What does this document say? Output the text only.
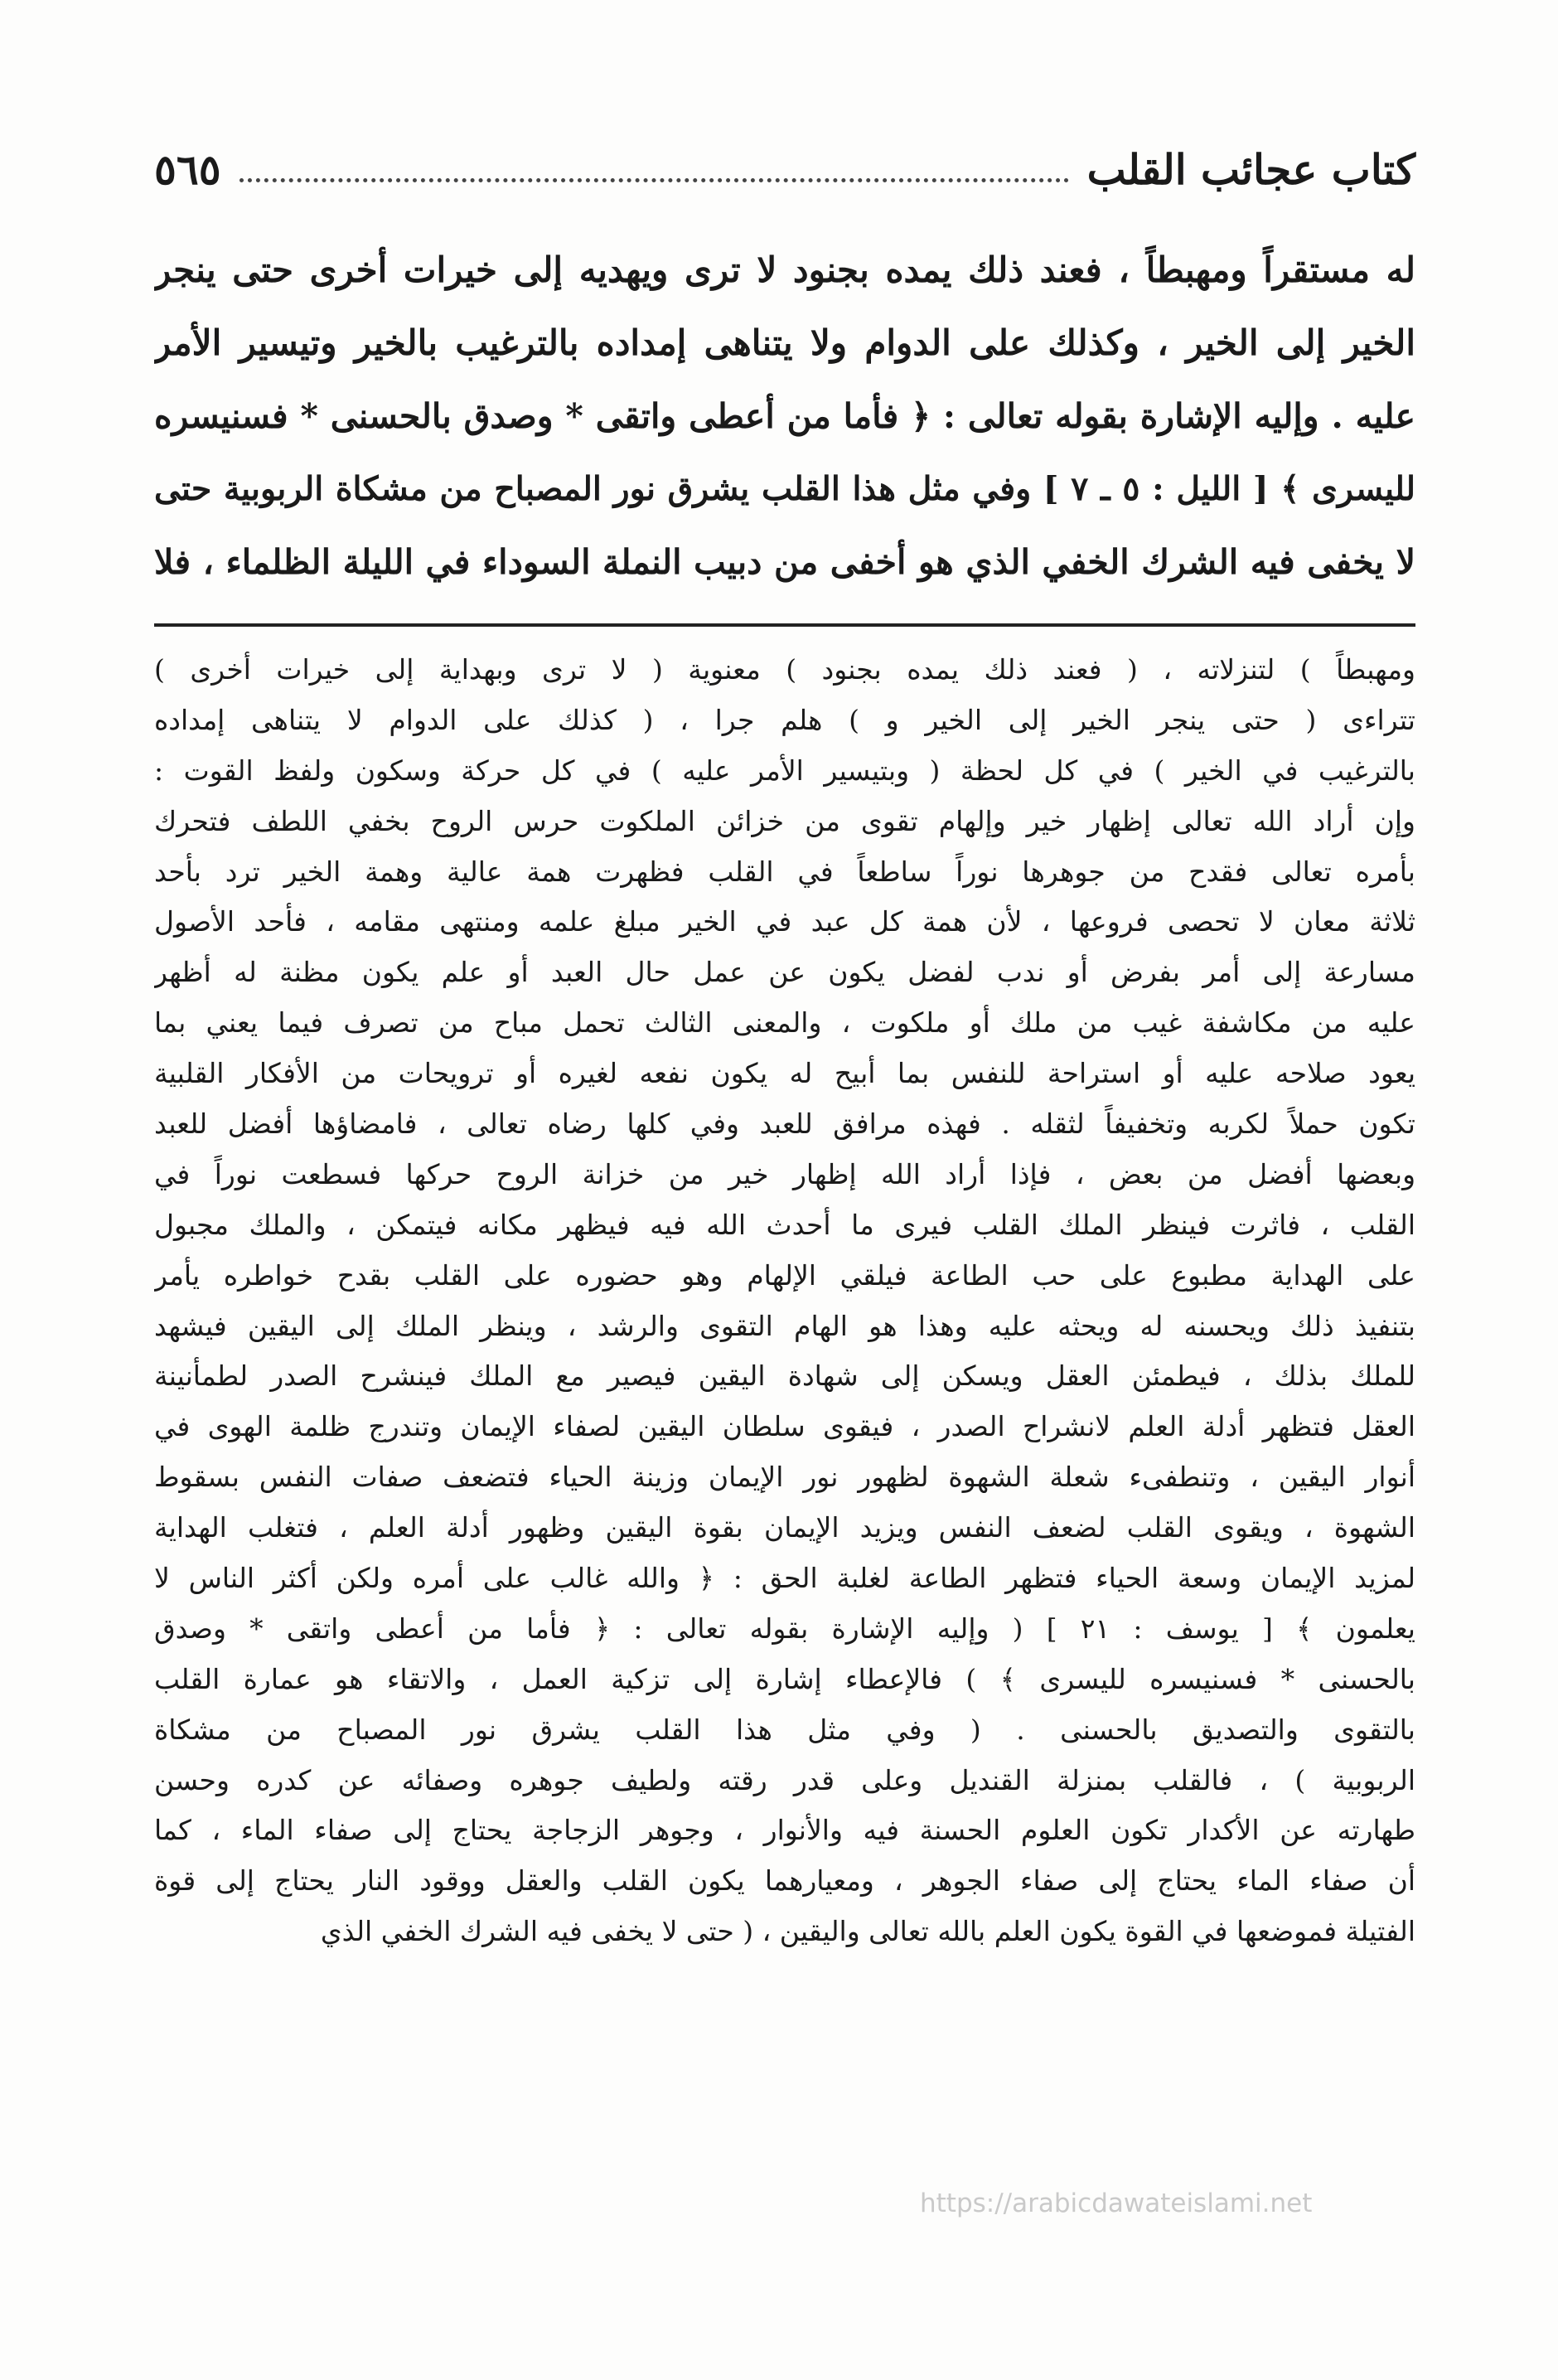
كتاب عجائب القلب
٥٦٥
له مستقراً ومهبطاً ، فعند ذلك يمده بجنود لا ترى ويهديه إلى خيرات أخرى حتى ينجر
الخير إلى الخير ، وكذلك على الدوام ولا يتناهى إمداده بالترغيب بالخير وتيسير الأمر
عليه . وإليه الإشارة بقوله تعالى : ﴿ فأما من أعطى واتقى * وصدق بالحسنى * فسنيسره
لليسرى ﴾ [ الليل : ٥ ـ ٧ ] وفي مثل هذا القلب يشرق نور المصباح من مشكاة الربوبية حتى
لا يخفى فيه الشرك الخفي الذي هو أخفى من دبيب النملة السوداء في الليلة الظلماء ، فلا
ومهبطاً ) لتنزلاته ، ( فعند ذلك يمده بجنود ) معنوية ( لا ترى وبهداية إلى خيرات أخرى )
تتراءى ( حتى ينجر الخير إلى الخير و ) هلم جرا ، ( كذلك على الدوام لا يتناهى إمداده
بالترغيب في الخير ) في كل لحظة ( وبتيسير الأمر عليه ) في كل حركة وسكون ولفظ القوت :
وإن أراد الله تعالى إظهار خير وإلهام تقوى من خزائن الملكوت حرس الروح بخفي اللطف فتحرك
بأمره تعالى فقدح من جوهرها نوراً ساطعاً في القلب فظهرت همة عالية وهمة الخير ترد بأحد
ثلاثة معان لا تحصى فروعها ، لأن همة كل عبد في الخير مبلغ علمه ومنتهى مقامه ، فأحد الأصول
مسارعة إلى أمر بفرض أو ندب لفضل يكون عن عمل حال العبد أو علم يكون مظنة له أظهر
عليه من مكاشفة غيب من ملك أو ملكوت ، والمعنى الثالث تحمل مباح من تصرف فيما يعني بما
يعود صلاحه عليه أو استراحة للنفس بما أبيح له يكون نفعه لغيره أو ترويحات من الأفكار القلبية
تكون حملاً لكربه وتخفيفاً لثقله . فهذه مرافق للعبد وفي كلها رضاه تعالى ، فامضاؤها أفضل للعبد
وبعضها أفضل من بعض ، فإذا أراد الله إظهار خير من خزانة الروح حركها فسطعت نوراً في
القلب ، فاثرت فينظر الملك القلب فيرى ما أحدث الله فيه فيظهر مكانه فيتمكن ، والملك مجبول
على الهداية مطبوع على حب الطاعة فيلقي الإلهام وهو حضوره على القلب بقدح خواطره يأمر
بتنفيذ ذلك ويحسنه له ويحثه عليه وهذا هو الهام التقوى والرشد ، وينظر الملك إلى اليقين فيشهد
للملك بذلك ، فيطمئن العقل ويسكن إلى شهادة اليقين فيصير مع الملك فينشرح الصدر لطمأنينة
العقل فتظهر أدلة العلم لانشراح الصدر ، فيقوى سلطان اليقين لصفاء الإيمان وتندرج ظلمة الهوى في
أنوار اليقين ، وتنطفىء شعلة الشهوة لظهور نور الإيمان وزينة الحياء فتضعف صفات النفس بسقوط
الشهوة ، ويقوى القلب لضعف النفس ويزيد الإيمان بقوة اليقين وظهور أدلة العلم ، فتغلب الهداية
لمزيد الإيمان وسعة الحياء فتظهر الطاعة لغلبة الحق : ﴿ والله غالب على أمره ولكن أكثر الناس لا
يعلمون ﴾ [ يوسف : ٢١ ] ( وإليه الإشارة بقوله تعالى : ﴿ فأما من أعطى واتقى * وصدق
بالحسنى * فسنيسره لليسرى ﴾ ) فالإعطاء إشارة إلى تزكية العمل ، والاتقاء هو عمارة القلب
بالتقوى والتصديق بالحسنى . ( وفي مثل هذا القلب يشرق نور المصباح من مشكاة
الربوبية ) ، فالقلب بمنزلة القنديل وعلى قدر رقته ولطيف جوهره وصفائه عن كدره وحسن
طهارته عن الأكدار تكون العلوم الحسنة فيه والأنوار ، وجوهر الزجاجة يحتاج إلى صفاء الماء ، كما
أن صفاء الماء يحتاج إلى صفاء الجوهر ، ومعيارهما يكون القلب والعقل ووقود النار يحتاج إلى قوة
الفتيلة فموضعها في القوة يكون العلم بالله تعالى واليقين ، ( حتى لا يخفى فيه الشرك الخفي الذي
https://arabicdawateislami.net
